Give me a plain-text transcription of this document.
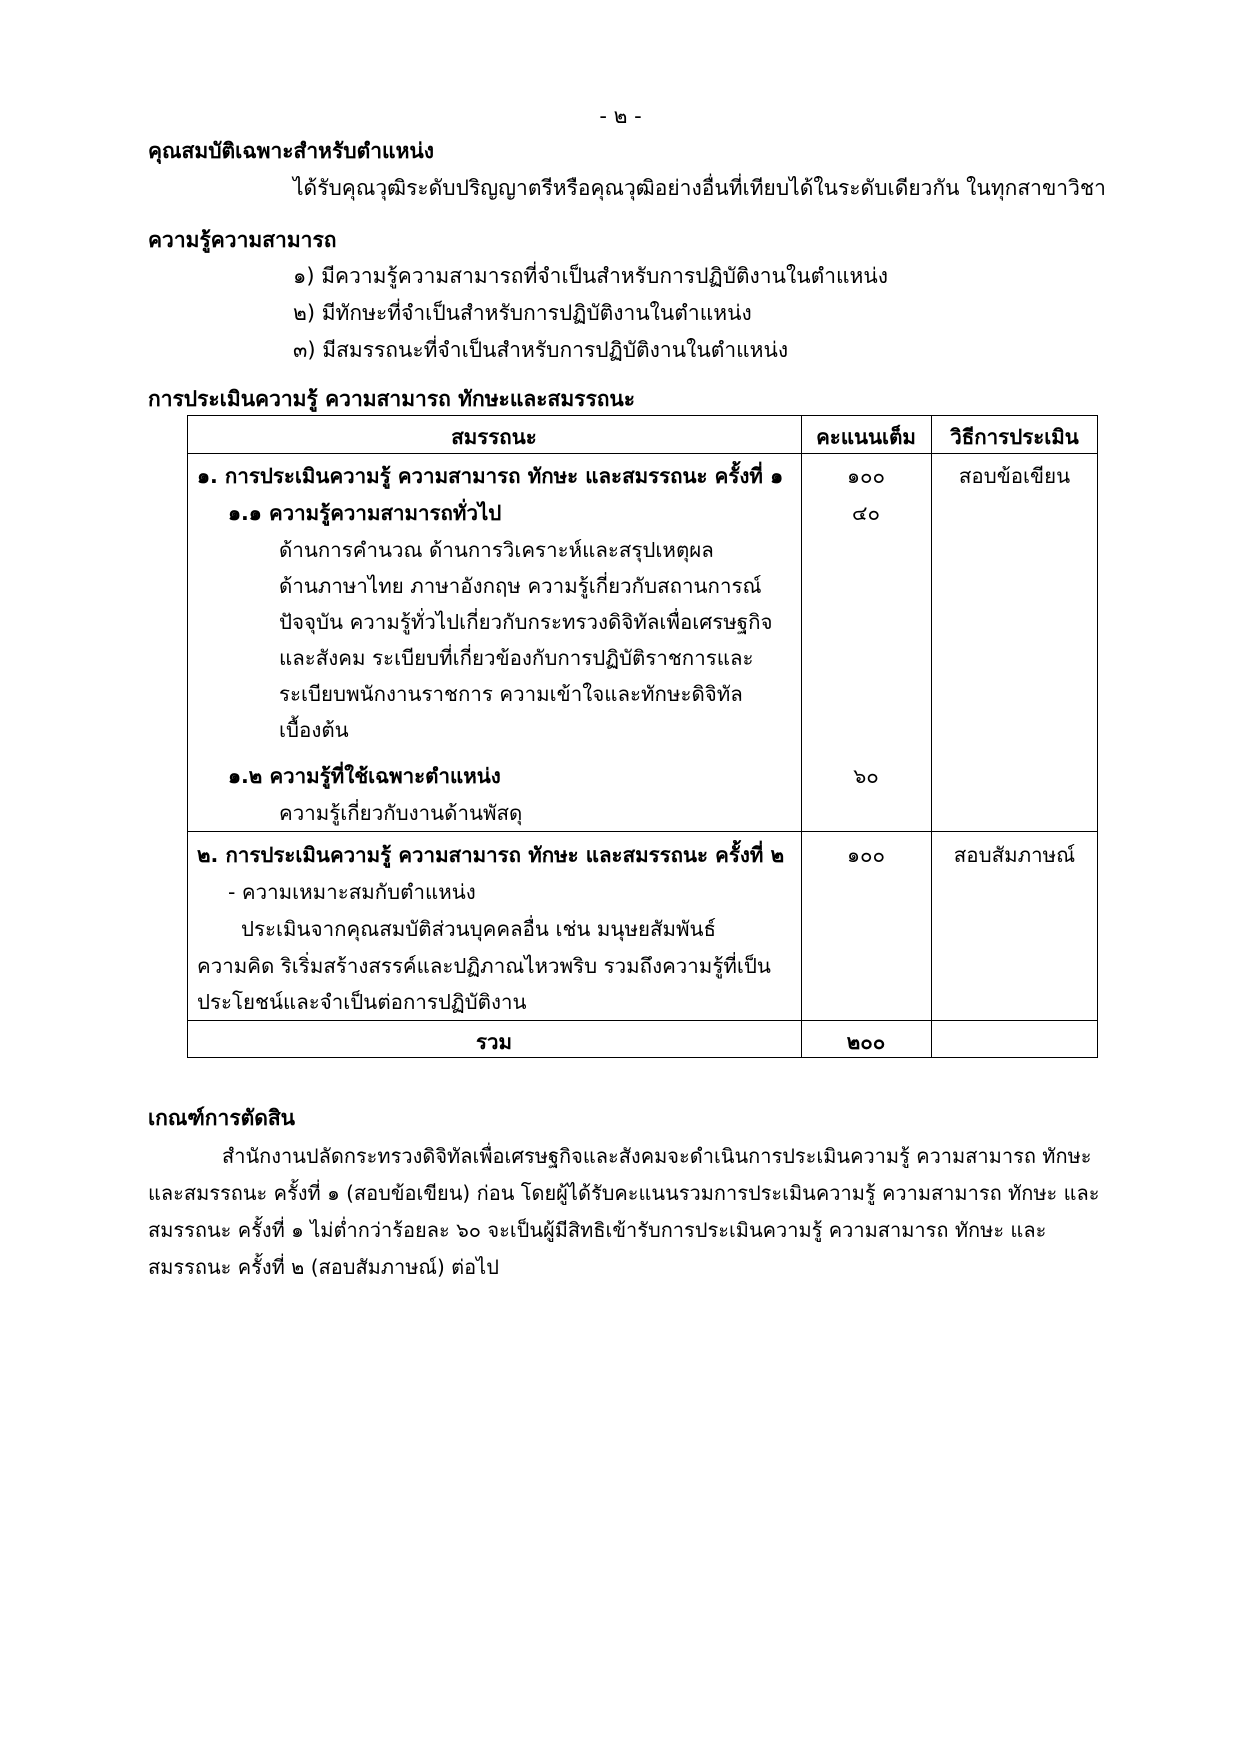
- ๒ -
คุณสมบัติเฉพาะสำหรับตำแหน่ง
ได้รับคุณวุฒิระดับปริญญาตรีหรือคุณวุฒิอย่างอื่นที่เทียบได้ในระดับเดียวกัน ในทุกสาขาวิชา
ความรู้ความสามารถ
๑) มีความรู้ความสามารถที่จำเป็นสำหรับการปฏิบัติงานในตำแหน่ง
๒) มีทักษะที่จำเป็นสำหรับการปฏิบัติงานในตำแหน่ง
๓) มีสมรรถนะที่จำเป็นสำหรับการปฏิบัติงานในตำแหน่ง
การประเมินความรู้ ความสามารถ ทักษะและสมรรถนะ
สมรรถนะ	คะแนนเต็ม	วิธีการประเมิน
๑. การประเมินความรู้ ความสามารถ ทักษะ และสมรรถนะ ครั้งที่ ๑	๑๐๐	สอบข้อเขียน
๑.๑ ความรู้ความสามารถทั่วไป	๔๐
ด้านการคำนวณ ด้านการวิเคราะห์และสรุปเหตุผล
ด้านภาษาไทย ภาษาอังกฤษ ความรู้เกี่ยวกับสถานการณ์
ปัจจุบัน ความรู้ทั่วไปเกี่ยวกับกระทรวงดิจิทัลเพื่อเศรษฐกิจ
และสังคม ระเบียบที่เกี่ยวข้องกับการปฏิบัติราชการและ
ระเบียบพนักงานราชการ ความเข้าใจและทักษะดิจิทัล
เบื้องต้น
๑.๒ ความรู้ที่ใช้เฉพาะตำแหน่ง	๖๐
ความรู้เกี่ยวกับงานด้านพัสดุ
๒. การประเมินความรู้ ความสามารถ ทักษะ และสมรรถนะ ครั้งที่ ๒	๑๐๐	สอบสัมภาษณ์
- ความเหมาะสมกับตำแหน่ง
ประเมินจากคุณสมบัติส่วนบุคคลอื่น เช่น มนุษยสัมพันธ์
ความคิด ริเริ่มสร้างสรรค์และปฏิภาณไหวพริบ รวมถึงความรู้ที่เป็น
ประโยชน์และจำเป็นต่อการปฏิบัติงาน
รวม	๒๐๐
เกณฑ์การตัดสิน
สำนักงานปลัดกระทรวงดิจิทัลเพื่อเศรษฐกิจและสังคมจะดำเนินการประเมินความรู้ ความสามารถ ทักษะ
และสมรรถนะ ครั้งที่ ๑ (สอบข้อเขียน) ก่อน โดยผู้ได้รับคะแนนรวมการประเมินความรู้ ความสามารถ ทักษะ และ
สมรรถนะ ครั้งที่ ๑ ไม่ต่ำกว่าร้อยละ ๖๐ จะเป็นผู้มีสิทธิเข้ารับการประเมินความรู้ ความสามารถ ทักษะ และ
สมรรถนะ ครั้งที่ ๒ (สอบสัมภาษณ์) ต่อไป
